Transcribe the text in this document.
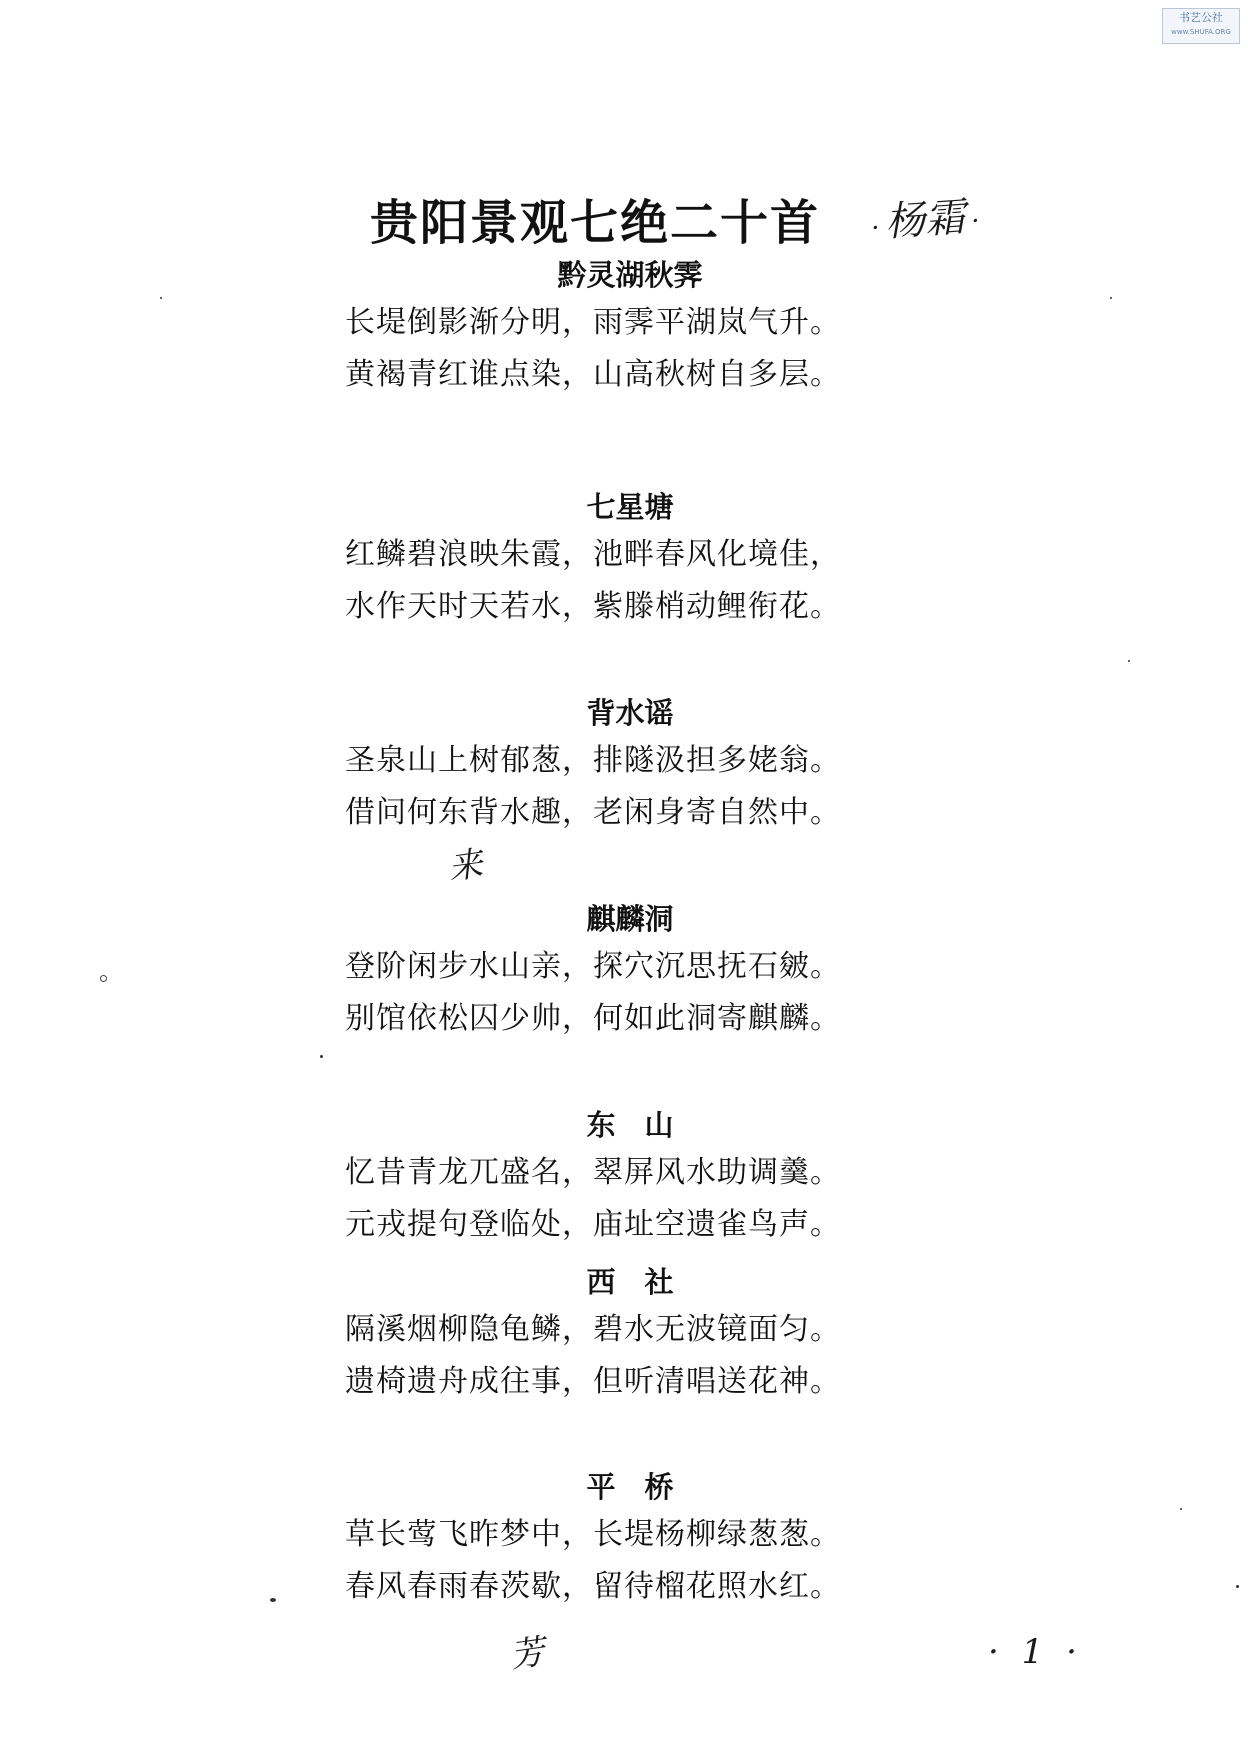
书艺公社
www.SHUFA.ORG
贵阳景观七绝二十首 ·杨霜 ·
黔灵湖秋霁
长堤倒影渐分明，雨霁平湖岚气升。
黄褐青红谁点染，山高秋树自多层。
七星塘
红鳞碧浪映朱霞，池畔春风化境佳，
水作天时天若水，紫滕梢动鲤衔花。
背水谣
圣泉山上树郁葱，排隧汲担多姥翁。
借问何东背水趣，老闲身寄自然中。
麒麟洞
登阶闲步水山亲，探穴沉思抚石皴。
别馆依松囚少帅，何如此洞寄麒麟。
东　山
忆昔青龙兀盛名，翠屏风水助调羹。
元戎提句登临处，庙址空遗雀鸟声。
西　社
隔溪烟柳隐龟鳞，碧水无波镜面匀。
遗椅遗舟成往事，但听清唱送花神。
平　桥
草长莺飞昨梦中，长堤杨柳绿葱葱。
春风春雨春茨歇，留待榴花照水红。
来
芳	· 1 ·
